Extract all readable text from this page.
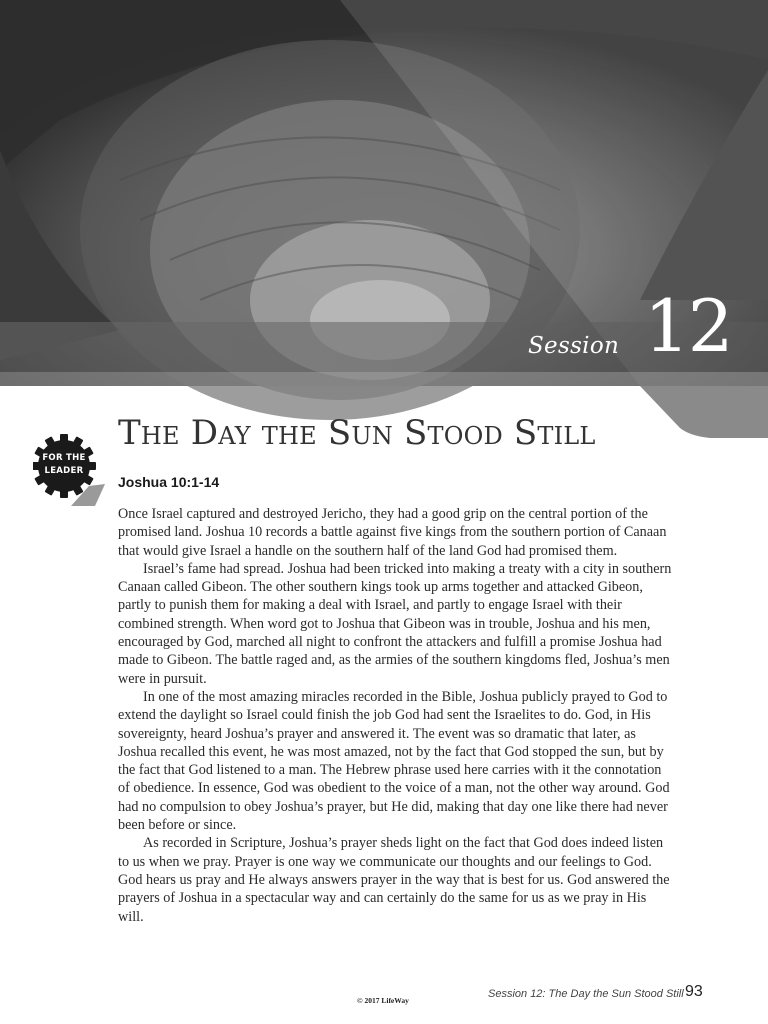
Session 12
FOR THE
LEADER
The Day the Sun Stood Still
Joshua 10:1-14

Once Israel captured and destroyed Jericho, they had a good grip on the central portion of the promised land. Joshua 10 records a battle against five kings from the southern portion of Canaan that would give Israel a handle on the southern half of the land God had promised them.

Israel’s fame had spread. Joshua had been tricked into making a treaty with a city in southern Canaan called Gibeon. The other southern kings took up arms together and attacked Gibeon, partly to punish them for making a deal with Israel, and partly to engage Israel with their combined strength. When word got to Joshua that Gibeon was in trouble, Joshua and his men, encouraged by God, marched all night to confront the attackers and fulfill a promise Joshua had made to Gibeon. The battle raged and, as the armies of the southern kingdoms fled, Joshua’s men were in pursuit.

In one of the most amazing miracles recorded in the Bible, Joshua publicly prayed to God to extend the daylight so Israel could finish the job God had sent the Israelites to do. God, in His sovereignty, heard Joshua’s prayer and answered it. The event was so dramatic that later, as Joshua recalled this event, he was most amazed, not by the fact that God stopped the sun, but by the fact that God listened to a man. The Hebrew phrase used here carries with it the connotation of obedience. In essence, God was obedient to the voice of a man, not the other way around. God had no compulsion to obey Joshua’s prayer, but He did, making that day one like there had never been before or since.

As recorded in Scripture, Joshua’s prayer sheds light on the fact that God does indeed listen to us when we pray. Prayer is one way we communicate our thoughts and our feelings to God. God hears us pray and He always answers prayer in the way that is best for us. God answered the prayers of Joshua in a spectacular way and can certainly do the same for us as we pray in His will.

© 2017 LifeWay
Session 12: The Day the Sun Stood Still 93
